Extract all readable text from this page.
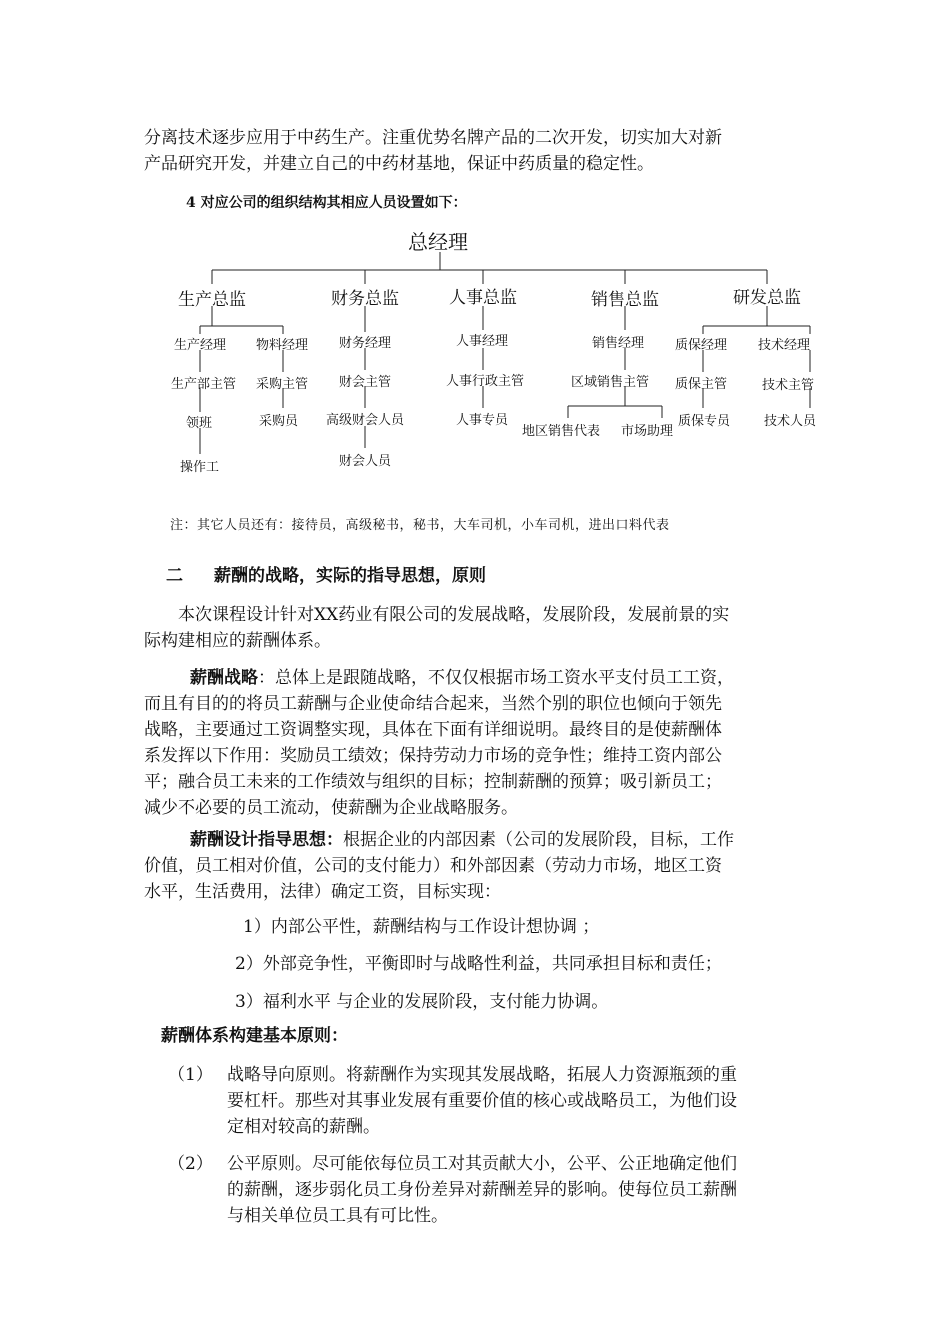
分离技术逐步应用于中药生产。注重优势名牌产品的二次开发，切实加大对新
产品研究开发，并建立自己的中药材基地，保证中药质量的稳定性。
4 对应公司的组织结构其相应人员设置如下：
总经理
生产总监	财务总监	人事总监	销售总监	研发总监
生产经理 物料经理
生产部主管 采购主管
领班	采购员
操作工
财务经理
财会主管
高级财会人员
财会人员
人事经理
人事行政主管
人事专员
销售经理
区域销售主管
地区销售代表 市场助理
质保经理 技术经理
质保主管	技术主管
质保专员	技术人员
注：其它人员还有：接待员，高级秘书，秘书，大车司机，小车司机，进出口料代表
二 薪酬的战略，实际的指导思想，原则
本次课程设计针对XX药业有限公司的发展战略，发展阶段，发展前景的实
际构建相应的薪酬体系。
薪酬战略：总体上是跟随战略，不仅仅根据市场工资水平支付员工工资，
而且有目的的将员工薪酬与企业使命结合起来，当然个别的职位也倾向于领先
战略，主要通过工资调整实现，具体在下面有详细说明。最终目的是使薪酬体
系发挥以下作用：奖励员工绩效；保持劳动力市场的竞争性；维持工资内部公
平；融合员工未来的工作绩效与组织的目标；控制薪酬的预算；吸引新员工；
减少不必要的员工流动，使薪酬为企业战略服务。
薪酬设计指导思想：根据企业的内部因素（公司的发展阶段，目标，工作
价值，员工相对价值，公司的支付能力）和外部因素（劳动力市场，地区工资
水平，生活费用，法律）确定工资，目标实现：
1）内部公平性，薪酬结构与工作设计想协调 ；
2）外部竞争性，平衡即时与战略性利益，共同承担目标和责任；
3）福利水平 与企业的发展阶段，支付能力协调。
薪酬体系构建基本原则：
（1） 战略导向原则。将薪酬作为实现其发展战略，拓展人力资源瓶颈的重
要杠杆。那些对其事业发展有重要价值的核心或战略员工，为他们设
定相对较高的薪酬。
（2） 公平原则。尽可能依每位员工对其贡献大小，公平、公正地确定他们
的薪酬，逐步弱化员工身份差异对薪酬差异的影响。使每位员工薪酬
与相关单位员工具有可比性。
